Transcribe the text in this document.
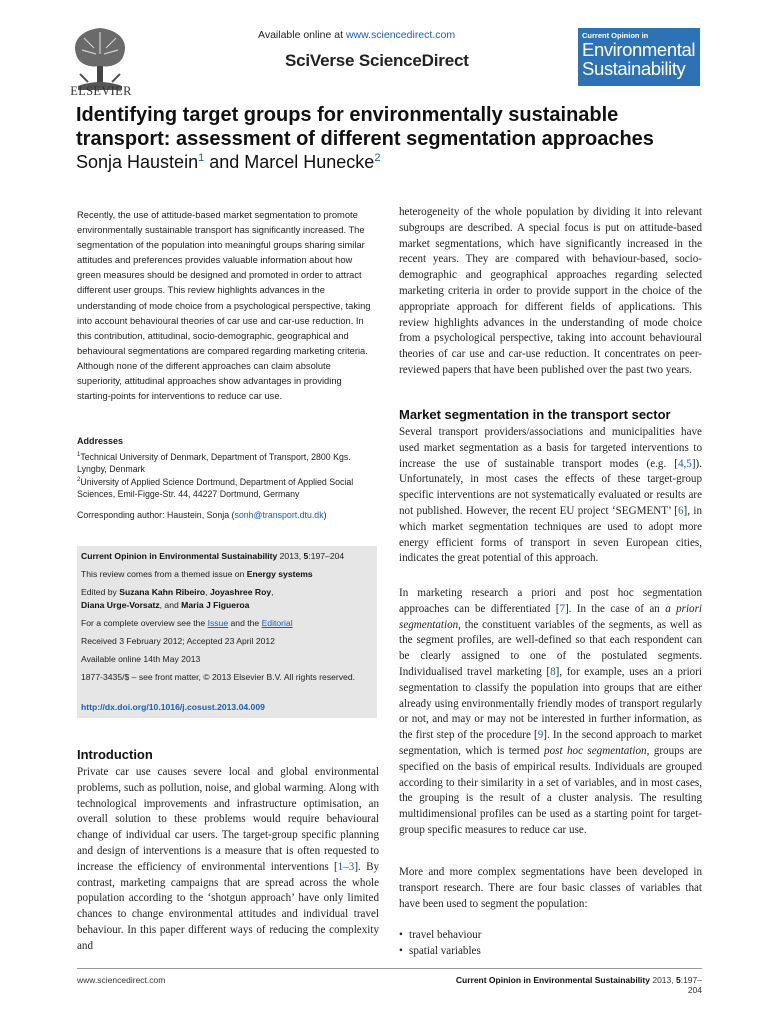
ELSEVIER
Available online at www.sciencedirect.com
SciVerse ScienceDirect
Current Opinion in
Environmental
Sustainability
Identifying target groups for environmentally sustainable transport: assessment of different segmentation approaches
Sonja Haustein$^1$ and Marcel Hunecke$^2$
Recently, the use of attitude-based market segmentation to promote environmentally sustainable transport has significantly increased. The segmentation of the population into meaningful groups sharing similar attitudes and preferences provides valuable information about how green measures should be designed and promoted in order to attract different user groups. This review highlights advances in the understanding of mode choice from a psychological perspective, taking into account behavioural theories of car use and car-use reduction. In this contribution, attitudinal, socio-demographic, geographical and behavioural segmentations are compared regarding marketing criteria. Although none of the different approaches can claim absolute superiority, attitudinal approaches show advantages in providing starting-points for interventions to reduce car use.
Addresses
$^1$Technical University of Denmark, Department of Transport, 2800 Kgs. Lyngby, Denmark
$^2$University of Applied Science Dortmund, Department of Applied Social Sciences, Emil-Figge-Str. 44, 44227 Dortmund, Germany
Corresponding author: Haustein, Sonja (sonh@transport.dtu.dk)
Current Opinion in Environmental Sustainability 2013, 5:197–204
This review comes from a themed issue on Energy systems
Edited by Suzana Kahn Ribeiro, Joyashree Roy,
Diana Urge-Vorsatz, and Maria J Figueroa
For a complete overview see the Issue and the Editorial
Received 3 February 2012; Accepted 23 April 2012
Available online 14th May 2013
1877-3435/$ – see front matter, © 2013 Elsevier B.V. All rights reserved.
http://dx.doi.org/10.1016/j.cosust.2013.04.009
Introduction
Private car use causes severe local and global environmental problems, such as pollution, noise, and global warming. Along with technological improvements and infrastructure optimisation, an overall solution to these problems would require behavioural change of individual car users. The target-group specific planning and design of interventions is a measure that is often requested to increase the efficiency of environmental interventions [1–3]. By contrast, marketing campaigns that are spread across the whole population according to the ‘shotgun approach’ have only limited chances to change environmental attitudes and individual travel behaviour. In this paper different ways of reducing the complexity and
heterogeneity of the whole population by dividing it into relevant subgroups are described. A special focus is put on attitude-based market segmentations, which have significantly increased in the recent years. They are compared with behaviour-based, socio-demographic and geographical approaches regarding selected marketing criteria in order to provide support in the choice of the appropriate approach for different fields of applications. This review highlights advances in the understanding of mode choice from a psychological perspective, taking into account behavioural theories of car use and car-use reduction. It concentrates on peer-reviewed papers that have been published over the past two years.
Market segmentation in the transport sector
Several transport providers/associations and municipalities have used market segmentation as a basis for targeted interventions to increase the use of sustainable transport modes (e.g. [4,5]). Unfortunately, in most cases the effects of these target-group specific interventions are not systematically evaluated or results are not published. However, the recent EU project ‘SEGMENT’ [6], in which market segmentation techniques are used to adopt more energy efficient forms of transport in seven European cities, indicates the great potential of this approach.
In marketing research a priori and post hoc segmentation approaches can be differentiated [7]. In the case of an a priori segmentation, the constituent variables of the segments, as well as the segment profiles, are well-defined so that each respondent can be clearly assigned to one of the postulated segments. Individualised travel marketing [8], for example, uses an a priori segmentation to classify the population into groups that are either already using environmentally friendly modes of transport regularly or not, and may or may not be interested in further information, as the first step of the procedure [9]. In the second approach to market segmentation, which is termed post hoc segmentation, groups are specified on the basis of empirical results. Individuals are grouped according to their similarity in a set of variables, and in most cases, the grouping is the result of a cluster analysis. The resulting multidimensional profiles can be used as a starting point for target-group specific measures to reduce car use.
More and more complex segmentations have been developed in transport research. There are four basic classes of variables that have been used to segment the population:
• travel behaviour
• spatial variables
www.sciencedirect.com	Current Opinion in Environmental Sustainability 2013, 5:197–204
